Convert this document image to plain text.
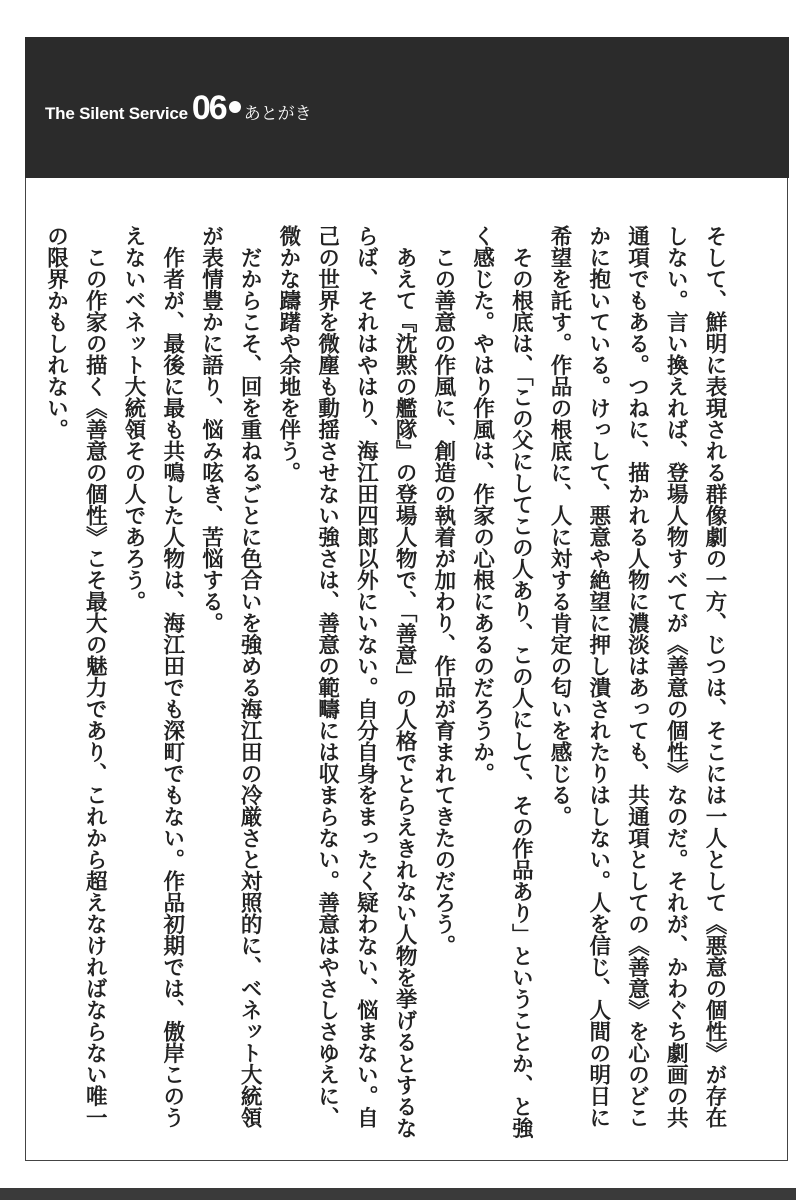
The Silent Service 06 あとがき
そして、鮮明に表現される群像劇の一方、じつは、そこには一人として《悪意の個性》が存在
しない。言い換えれば、登場人物すべてが《善意の個性》なのだ。それが、かわぐち劇画の共
通項でもある。つねに、描かれる人物に濃淡はあっても、共通項としての《善意》を心のどこ
かに抱いている。けっして、悪意や絶望に押し潰されたりはしない。人を信じ、人間の明日に
希望を託す。作品の根底に、人に対する肯定の匂いを感じる。
　その根底は、「この父にしてこの人あり、この人にして、その作品あり」ということか、と強
く感じた。やはり作風は、作家の心根にあるのだろうか。
　この善意の作風に、創造の執着が加わり、作品が育まれてきたのだろう。
　あえて『沈黙の艦隊』の登場人物で、「善意」の人格でとらえきれない人物を挙げるとするな
らば、それはやはり、海江田四郎以外にいない。自分自身をまったく疑わない、悩まない。自
己の世界を微塵も動揺させない強さは、善意の範疇には収まらない。善意はやさしさゆえに、
微かな躊躇や余地を伴う。
　だからこそ、回を重ねるごとに色合いを強める海江田の冷厳さと対照的に、ベネット大統領
が表情豊かに語り、悩み呟き、苦悩する。
　作者が、最後に最も共鳴した人物は、海江田でも深町でもない。作品初期では、傲岸このう
えないベネット大統領その人であろう。
　この作家の描く《善意の個性》こそ最大の魅力であり、これから超えなければならない唯一
の限界かもしれない。
